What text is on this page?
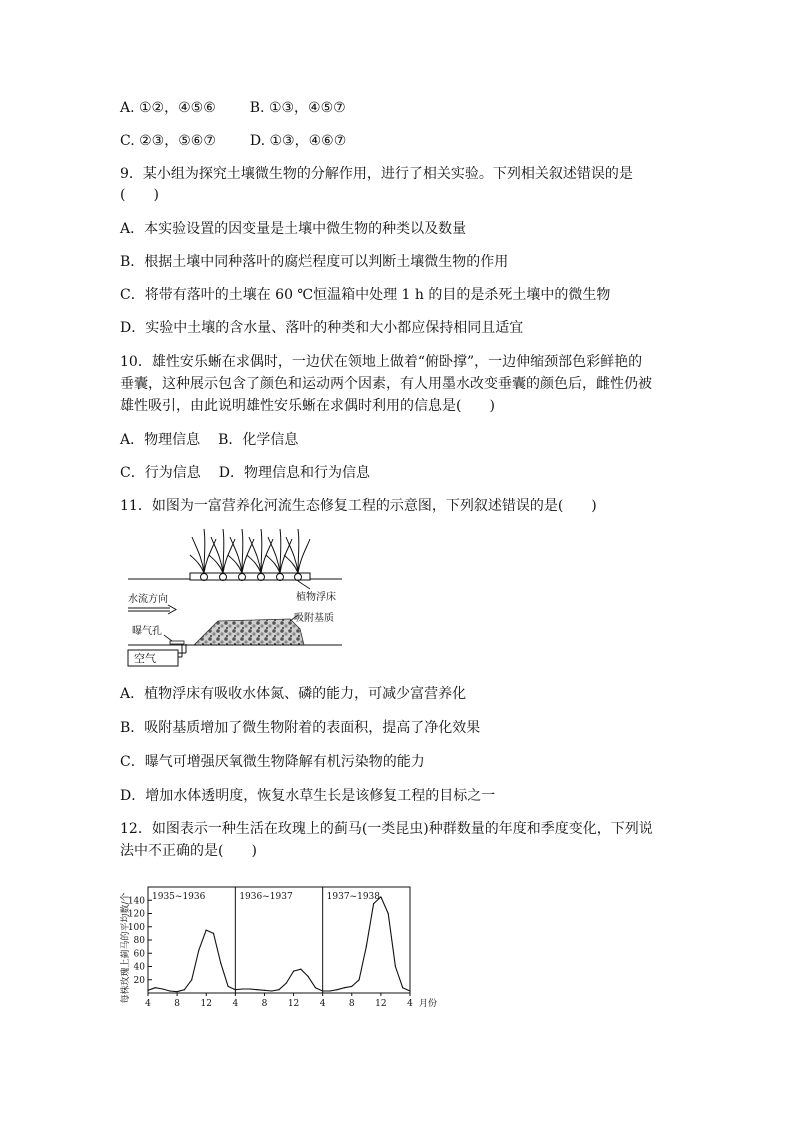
A. ①②，④⑤⑥ B. ①③，④⑤⑦
C. ②③，⑤⑥⑦ D. ①③，④⑥⑦
9．某小组为探究土壤微生物的分解作用，进行了相关实验。下列相关叙述错误的是
(　　)
A．本实验设置的因变量是土壤中微生物的种类以及数量
B．根据土壤中同种落叶的腐烂程度可以判断土壤微生物的作用
C．将带有落叶的土壤在 60 ℃恒温箱中处理 1 h 的目的是杀死土壤中的微生物
D．实验中土壤的含水量、落叶的种类和大小都应保持相同且适宜
10．雄性安乐蜥在求偶时，一边伏在领地上做着“俯卧撑”，一边伸缩颈部色彩鲜艳的
垂囊，这种展示包含了颜色和运动两个因素，有人用墨水改变垂囊的颜色后，雌性仍被
雄性吸引，由此说明雄性安乐蜥在求偶时利用的信息是(　　)
A．物理信息 B．化学信息
C．行为信息 D．物理信息和行为信息
11．如图为一富营养化河流生态修复工程的示意图，下列叙述错误的是(　　)
植物浮床
水流方向
吸附基质
曝气孔
空气
A．植物浮床有吸收水体氮、磷的能力，可减少富营养化
B．吸附基质增加了微生物附着的表面积，提高了净化效果
C．曝气可增强厌氧微生物降解有机污染物的能力
D．增加水体透明度，恢复水草生长是该修复工程的目标之一
12．如图表示一种生活在玫瑰上的蓟马(一类昆虫)种群数量的年度和季度变化，下列说
法中不正确的是(　　)
20
40
60
80
100
120
140 1935~1936
4	8 12
1936~1937
4	8 12
1937~1938
4	8 12 4 月份
每株玫瑰上蓟马的平均数/个
